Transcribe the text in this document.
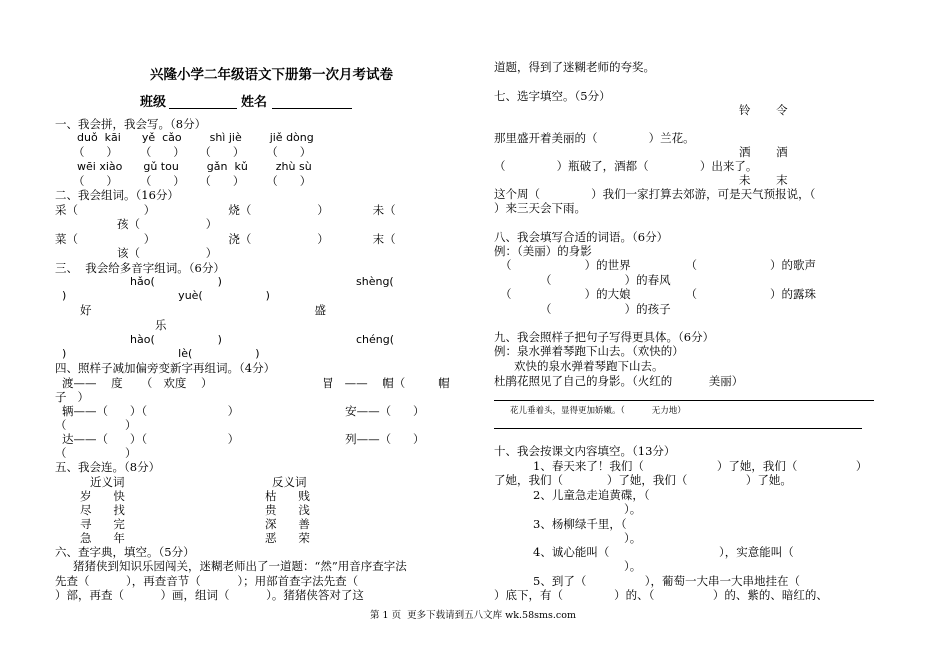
兴隆小学二年级语文下册第一次月考试卷
班级	姓名
一、我会拼，我会写。（8分）
duǒ  kāi      yě  cǎo        shì jiè        jiě dòng
（      ）      （      ）    （      ）      （      ）
wēi xiào      gǔ tou        gǎn  kǔ        zhù sù
（      ）      （      ）    （      ）      （      ）
二、我会组词。（16分）
采（                  ）                    烧（                  ）            未（
孩（                  ）
菜（                  ）                    浇（                  ）            末（
该（                  ）
三、  我会给多音字组词。（6分）
hǎo(                  )	shèng(
)                                yuè(                  )
好                                                             盛
乐
hào(                  )	chéng(
)                                lè(                  )
四、照样子减加偏旁变新字再组词。（4分）
渡——    度     （   欢度    ）                              冒   ——    帽（         帽
子   ）
辆——（      ）（                      ）                             安——（      ）
（                ）
达——（      ）（                      ）                             列——（      ）
（                ）
五、我会连。（8分）
近义词	反义词
岁      快	枯      贱
尽      找	贵      浅
寻      完	深      善
急      年	恶      荣
六、查字典，填空。（5分）
猪猪侠到知识乐园闯关，迷糊老师出了一道题：“然”用音序查字法
先查（          ），再查音节（          ）；用部首查字法先查（
）部，再查（          ）画，组词（          ）。猪猪侠答对了这
道题，得到了迷糊老师的夸奖。
七、选字填空。（5分）
铃       令
那里盛开着美丽的（              ）兰花。
洒       酒
（              ）瓶破了，酒都（              ）出来了。
未       末
这个周（              ）我们一家打算去郊游，可是天气预报说，（
）来三天会下雨。
八、我会填写合适的词语。（6分）
例：（美丽）的身影
（                    ）的世界               （                    ）的歌声
（                    ）的春风
（                    ）的大娘               （                    ）的露珠
（                    ）的孩子
九、我会照样子把句子写得更具体。（6分）
例：泉水弹着琴跑下山去。（欢快的）
欢快的泉水弹着琴跑下山去。
杜鹃花照见了自己的身影。（火红的          美丽）
花儿垂着头，显得更加娇嫩。（          无力地）
十、我会按课文内容填空。（13分）
1、春天来了！我们（                    ）了她，我们（                ）
了她，我们（            ）了她，我们（                ）了她。
2、儿童急走追黄碟，（
）。
3、杨柳绿千里，（
）。
4、诚心能叫（                              ），实意能叫（
）。
5、到了（                ），葡萄一大串一大串地挂在（
）底下，有（              ）的、（                ）的、紫的、暗红的、
第 1 页  更多下载请到五八文库 wk.58sms.com
